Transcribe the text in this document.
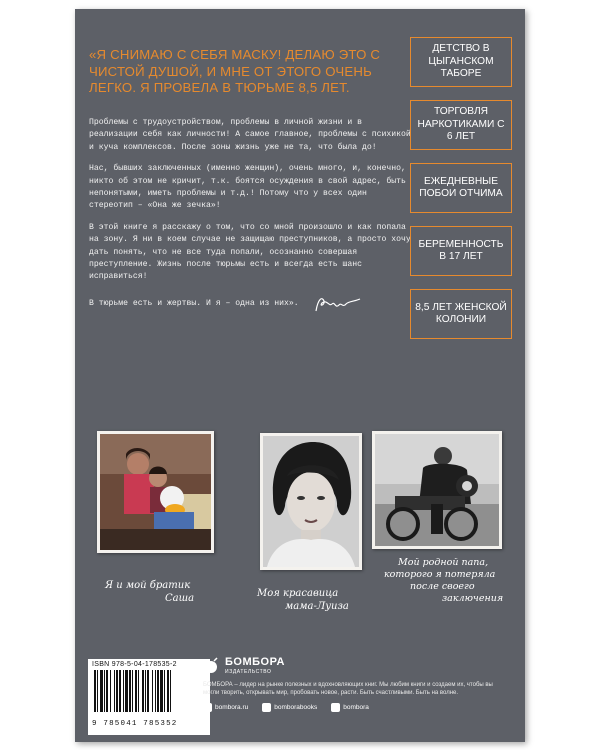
«Я СНИМАЮ С СЕБЯ МАСКУ! ДЕЛАЮ ЭТО С ЧИСТОЙ ДУШОЙ, И МНЕ ОТ ЭТОГО ОЧЕНЬ ЛЕГКО. Я ПРОВЕЛА В ТЮРЬМЕ 8,5 ЛЕТ.

Проблемы с трудоустройством, проблемы в личной жизни и в реализации себя как личности! А самое главное, проблемы с психикой и куча комплексов. После зоны жизнь уже не та, что была до!

Нас, бывших заключенных (именно женщин), очень много, и, конечно, никто об этом не кричит, т.к. боятся осуждения в свой адрес, быть непонятыми, иметь проблемы и т.д.! Потому что у всех один стереотип – «Она же зечка»!

В этой книге я расскажу о том, что со мной произошло и как попала на зону. Я ни в коем случае не защищаю преступников, а просто хочу дать понять, что не все туда попали, осознанно совершая преступление. Жизнь после тюрьмы есть и всегда есть шанс исправиться!

В тюрьме есть и жертвы. И я – одна из них».
ДЕТСТВО В ЦЫГАНСКОМ ТАБОРЕ
ТОРГОВЛЯ НАРКОТИКАМИ С 6 ЛЕТ
ЕЖЕДНЕВНЫЕ ПОБОИ ОТЧИМА
БЕРЕМЕННОСТЬ В 17 ЛЕТ
8,5 ЛЕТ ЖЕНСКОЙ КОЛОНИИ
Я и мой братик
Саша	Моя красавица
мама-Луиза
Мой родной папа,
которого я потеряла
после своего
заключения
ISBN 978-5-04-178535-2
9 785041 785352
БОМБОРА
ИЗДАТЕЛЬСТВО
БОМБОРА – лидер на рынке полезных и вдохновляющих книг. Мы любим книги и создаем их, чтобы вы могли творить, открывать мир, пробовать новое, расти. Быть счастливыми. Быть на волне.
bombora.ru	bomborabooks	bombora
